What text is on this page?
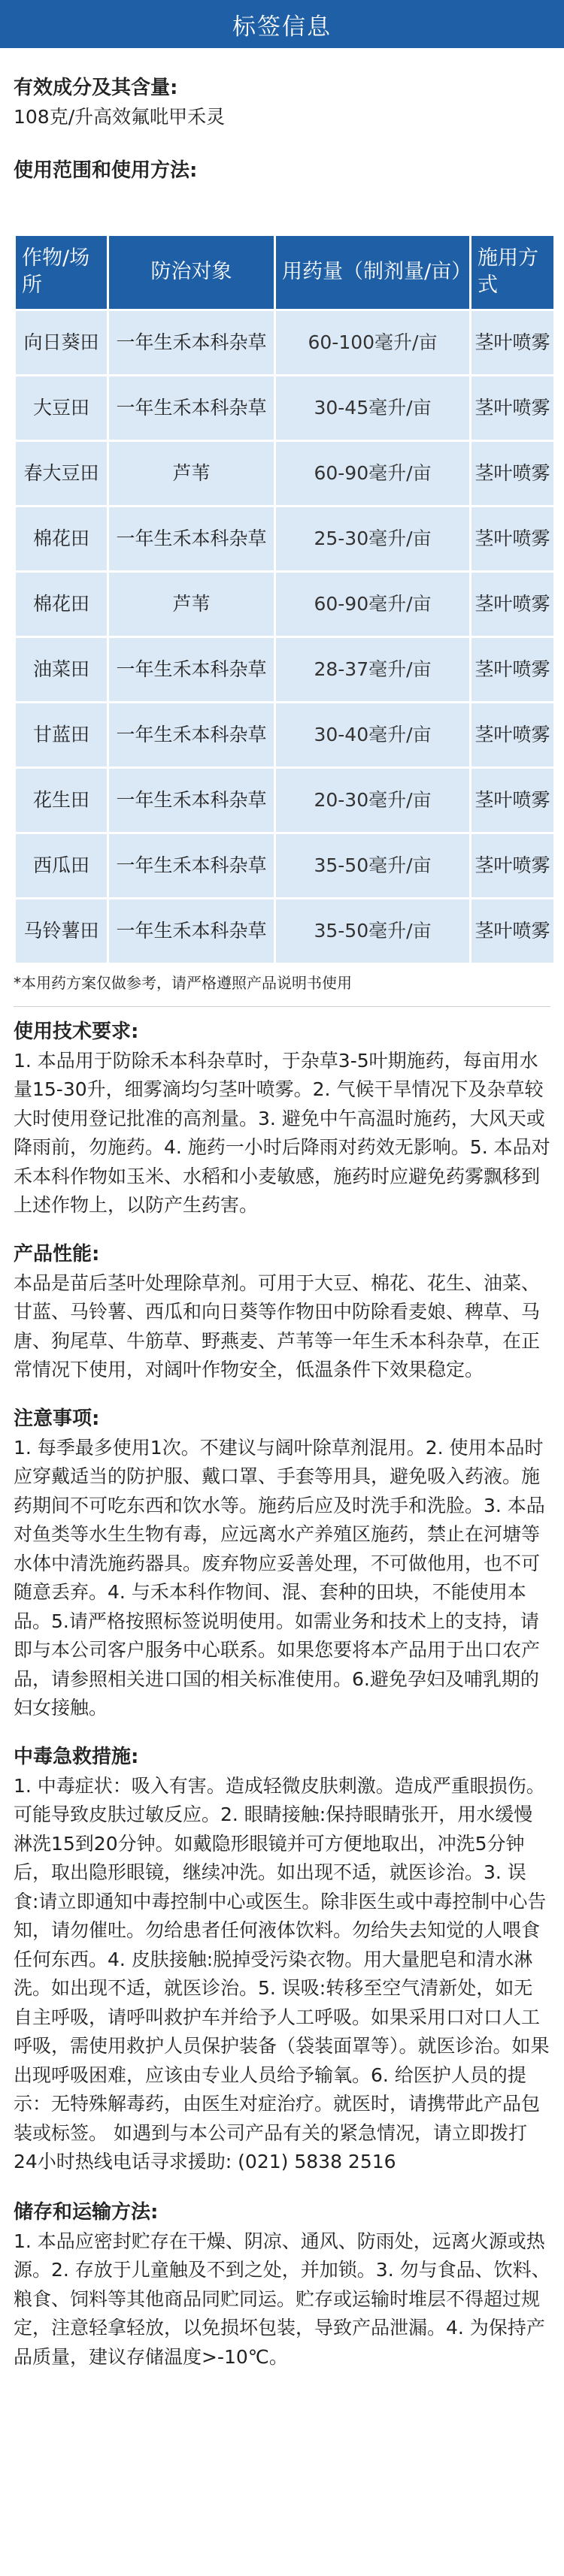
标签信息
有效成分及其含量:
108克/升高效氟吡甲禾灵
使用范围和使用方法:
作物/场所	防治对象	用药量（制剂量/亩）	施用方式
向日葵田	一年生禾本科杂草	60-100毫升/亩	茎叶喷雾
大豆田	一年生禾本科杂草	30-45毫升/亩	茎叶喷雾
春大豆田	芦苇	60-90毫升/亩	茎叶喷雾
棉花田	一年生禾本科杂草	25-30毫升/亩	茎叶喷雾
棉花田	芦苇	60-90毫升/亩	茎叶喷雾
油菜田	一年生禾本科杂草	28-37毫升/亩	茎叶喷雾
甘蓝田	一年生禾本科杂草	30-40毫升/亩	茎叶喷雾
花生田	一年生禾本科杂草	20-30毫升/亩	茎叶喷雾
西瓜田	一年生禾本科杂草	35-50毫升/亩	茎叶喷雾
马铃薯田	一年生禾本科杂草	35-50毫升/亩	茎叶喷雾
*本用药方案仅做参考，请严格遵照产品说明书使用
使用技术要求:
1. 本品用于防除禾本科杂草时，于杂草3-5叶期施药，每亩用水量15-30升，细雾滴均匀茎叶喷雾。2. 气候干旱情况下及杂草较大时使用登记批准的高剂量。3. 避免中午高温时施药，大风天或降雨前，勿施药。4. 施药一小时后降雨对药效无影响。5. 本品对禾本科作物如玉米、水稻和小麦敏感，施药时应避免药雾飘移到上述作物上，以防产生药害。
产品性能:
本品是苗后茎叶处理除草剂。可用于大豆、棉花、花生、油菜、甘蓝、马铃薯、西瓜和向日葵等作物田中防除看麦娘、稗草、马唐、狗尾草、牛筋草、野燕麦、芦苇等一年生禾本科杂草，在正常情况下使用，对阔叶作物安全，低温条件下效果稳定。
注意事项:
1. 每季最多使用1次。不建议与阔叶除草剂混用。2. 使用本品时应穿戴适当的防护服、戴口罩、手套等用具，避免吸入药液。施药期间不可吃东西和饮水等。施药后应及时洗手和洗脸。3. 本品对鱼类等水生生物有毒，应远离水产养殖区施药，禁止在河塘等水体中清洗施药器具。废弃物应妥善处理，不可做他用，也不可随意丢弃。4. 与禾本科作物间、混、套种的田块，不能使用本品。5.请严格按照标签说明使用。如需业务和技术上的支持，请即与本公司客户服务中心联系。如果您要将本产品用于出口农产品，请参照相关进口国的相关标准使用。6.避免孕妇及哺乳期的妇女接触。
中毒急救措施:
1. 中毒症状：吸入有害。造成轻微皮肤刺激。造成严重眼损伤。可能导致皮肤过敏反应。2. 眼睛接触:保持眼睛张开，用水缓慢淋洗15到20分钟。如戴隐形眼镜并可方便地取出，冲洗5分钟后，取出隐形眼镜，继续冲洗。如出现不适，就医诊治。3. 误食:请立即通知中毒控制中心或医生。除非医生或中毒控制中心告知，请勿催吐。勿给患者任何液体饮料。勿给失去知觉的人喂食任何东西。4. 皮肤接触:脱掉受污染衣物。用大量肥皂和清水淋洗。如出现不适，就医诊治。5. 误吸:转移至空气清新处，如无自主呼吸，请呼叫救护车并给予人工呼吸。如果采用口对口人工呼吸，需使用救护人员保护装备（袋装面罩等）。就医诊治。如果出现呼吸困难，应该由专业人员给予输氧。6. 给医护人员的提示：无特殊解毒药，由医生对症治疗。就医时，请携带此产品包装或标签。 如遇到与本公司产品有关的紧急情况，请立即拨打24小时热线电话寻求援助: (021) 5838 2516
储存和运输方法:
1. 本品应密封贮存在干燥、阴凉、通风、防雨处，远离火源或热源。2. 存放于儿童触及不到之处，并加锁。3. 勿与食品、饮料、粮食、饲料等其他商品同贮同运。贮存或运输时堆层不得超过规定，注意轻拿轻放，以免损坏包装，导致产品泄漏。4. 为保持产品质量，建议存储温度>-10℃。
